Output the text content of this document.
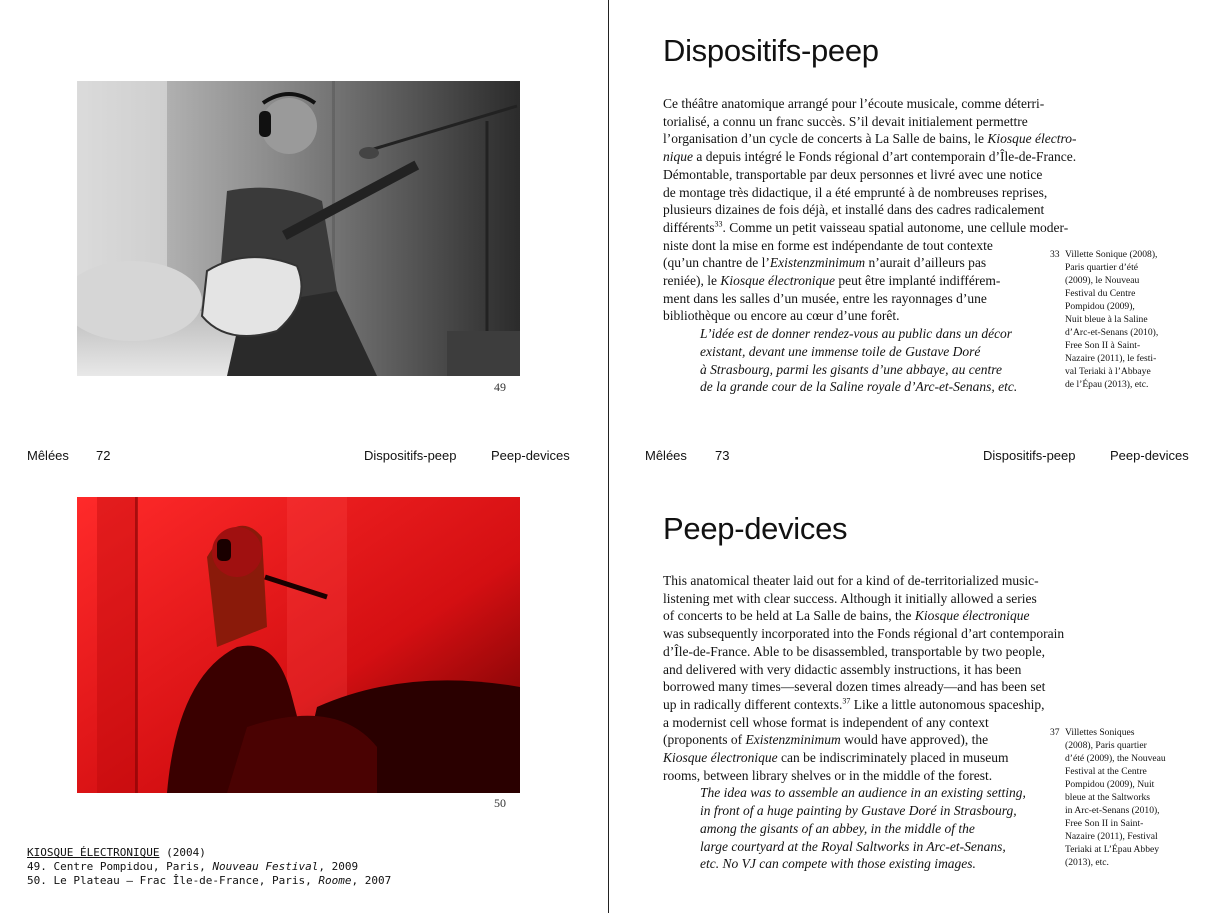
49
Mêlées 72	Dispositifs-peep	Peep-devices
50
KIOSQUE ÉLECTRONIQUE (2004)
49. Centre Pompidou, Paris, Nouveau Festival, 2009
50. Le Plateau – Frac Île-de-France, Paris, Roome, 2007
Dispositifs-peep
Ce théâtre anatomique arrangé pour l’écoute musicale, comme déterri-
torialisé, a connu un franc succès. S’il devait initialement permettre
l’organisation d’un cycle de concerts à La Salle de bains, le Kiosque électro-
nique a depuis intégré le Fonds régional d’art contemporain d’Île-de-France.
Démontable, transportable par deux personnes et livré avec une notice
de montage très didactique, il a été emprunté à de nombreuses reprises,
plusieurs dizaines de fois déjà, et installé dans des cadres radicalement
différents$^{33}$. Comme un petit vaisseau spatial autonome, une cellule moder-
niste dont la mise en forme est indépendante de tout contexte
(qu’un chantre de l’Existenzminimum n’aurait d’ailleurs pas
reniée), le Kiosque électronique peut être implanté indifférem-
ment dans les salles d’un musée, entre les rayonnages d’une
bibliothèque ou encore au cœur d’une forêt.
L’idée est de donner rendez-vous au public dans un décor
existant, devant une immense toile de Gustave Doré
à Strasbourg, parmi les gisants d’une abbaye, au centre
de la grande cour de la Saline royale d’Arc-et-Senans, etc.
33 Villette Sonique (2008),
Paris quartier d’été
(2009), le Nouveau
Festival du Centre
Pompidou (2009),
Nuit bleue à la Saline
d’Arc-et-Senans (2010),
Free Son II à Saint-
Nazaire (2011), le festi-
val Teriaki à l’Abbaye
de l’Épau (2013), etc.
Mêlées 73	Dispositifs-peep	Peep-devices
Peep-devices
This anatomical theater laid out for a kind of de-territorialized music-
listening met with clear success. Although it initially allowed a series
of concerts to be held at La Salle de bains, the Kiosque électronique
was subsequently incorporated into the Fonds régional d’art contemporain
d’Île-de-France. Able to be disassembled, transportable by two people,
and delivered with very didactic assembly instructions, it has been
borrowed many times—several dozen times already—and has been set
up in radically different contexts.$^{37}$ Like a little autonomous spaceship,
a modernist cell whose format is independent of any context
(proponents of Existenzminimum would have approved), the
Kiosque électronique can be indiscriminately placed in museum
rooms, between library shelves or in the middle of the forest.
The idea was to assemble an audience in an existing setting,
in front of a huge painting by Gustave Doré in Strasbourg,
among the gisants of an abbey, in the middle of the
large courtyard at the Royal Saltworks in Arc-et-Senans,
etc. No VJ can compete with those existing images.
37 Villettes Soniques
(2008), Paris quartier
d’été (2009), the Nouveau
Festival at the Centre
Pompidou (2009), Nuit
bleue at the Saltworks
in Arc-et-Senans (2010),
Free Son II in Saint-
Nazaire (2011), Festival
Teriaki at L’Épau Abbey
(2013), etc.
